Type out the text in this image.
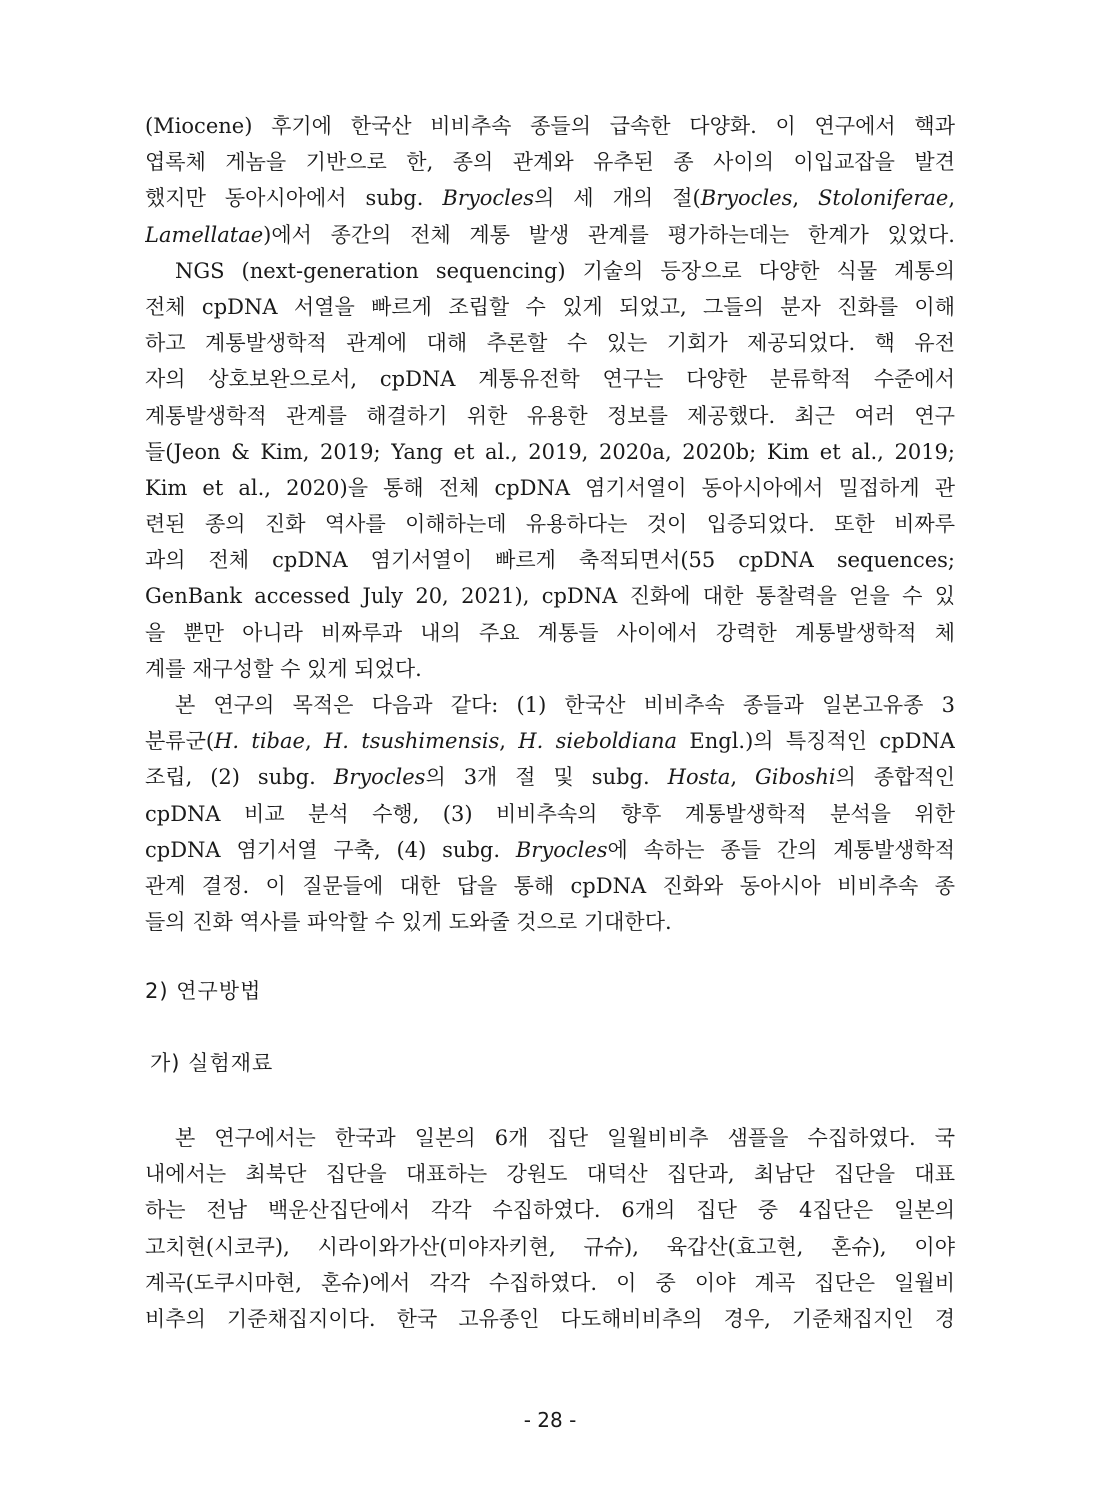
(Miocene) 후기에 한국산 비비추속 종들의 급속한 다양화. 이 연구에서 핵과
엽록체 게놈을 기반으로 한, 종의 관계와 유추된 종 사이의 이입교잡을 발견
했지만 동아시아에서 subg. Bryocles의 세 개의 절(Bryocles, Stoloniferae,
Lamellatae)에서 종간의 전체 계통 발생 관계를 평가하는데는 한계가 있었다.
NGS (next-generation sequencing) 기술의 등장으로 다양한 식물 계통의
전체 cpDNA 서열을 빠르게 조립할 수 있게 되었고, 그들의 분자 진화를 이해
하고 계통발생학적 관계에 대해 추론할 수 있는 기회가 제공되었다. 핵 유전
자의 상호보완으로서, cpDNA 계통유전학 연구는 다양한 분류학적 수준에서
계통발생학적 관계를 해결하기 위한 유용한 정보를 제공했다. 최근 여러 연구
들(Jeon & Kim, 2019; Yang et al., 2019, 2020a, 2020b; Kim et al., 2019;
Kim et al., 2020)을 통해 전체 cpDNA 염기서열이 동아시아에서 밀접하게 관
련된 종의 진화 역사를 이해하는데 유용하다는 것이 입증되었다. 또한 비짜루
과의 전체 cpDNA 염기서열이 빠르게 축적되면서(55 cpDNA sequences;
GenBank accessed July 20, 2021), cpDNA 진화에 대한 통찰력을 얻을 수 있
을 뿐만 아니라 비짜루과 내의 주요 계통들 사이에서 강력한 계통발생학적 체
계를 재구성할 수 있게 되었다.
본 연구의 목적은 다음과 같다: (1) 한국산 비비추속 종들과 일본고유종 3
분류군(H. tibae, H. tsushimensis, H. sieboldiana Engl.)의 특징적인 cpDNA
조립, (2) subg. Bryocles의 3개 절 및 subg. Hosta, Giboshi의 종합적인
cpDNA 비교 분석 수행, (3) 비비추속의 향후 계통발생학적 분석을 위한
cpDNA 염기서열 구축, (4) subg. Bryocles에 속하는 종들 간의 계통발생학적
관계 결정. 이 질문들에 대한 답을 통해 cpDNA 진화와 동아시아 비비추속 종
들의 진화 역사를 파악할 수 있게 도와줄 것으로 기대한다.
2) 연구방법
가) 실험재료
본 연구에서는 한국과 일본의 6개 집단 일월비비추 샘플을 수집하였다. 국
내에서는 최북단 집단을 대표하는 강원도 대덕산 집단과, 최남단 집단을 대표
하는 전남 백운산집단에서 각각 수집하였다. 6개의 집단 중 4집단은 일본의
고치현(시코쿠), 시라이와가산(미야자키현, 규슈), 육갑산(효고현, 혼슈), 이야
계곡(도쿠시마현, 혼슈)에서 각각 수집하였다. 이 중 이야 계곡 집단은 일월비
비추의 기준채집지이다. 한국 고유종인 다도해비비추의 경우, 기준채집지인 경
- 28 -
